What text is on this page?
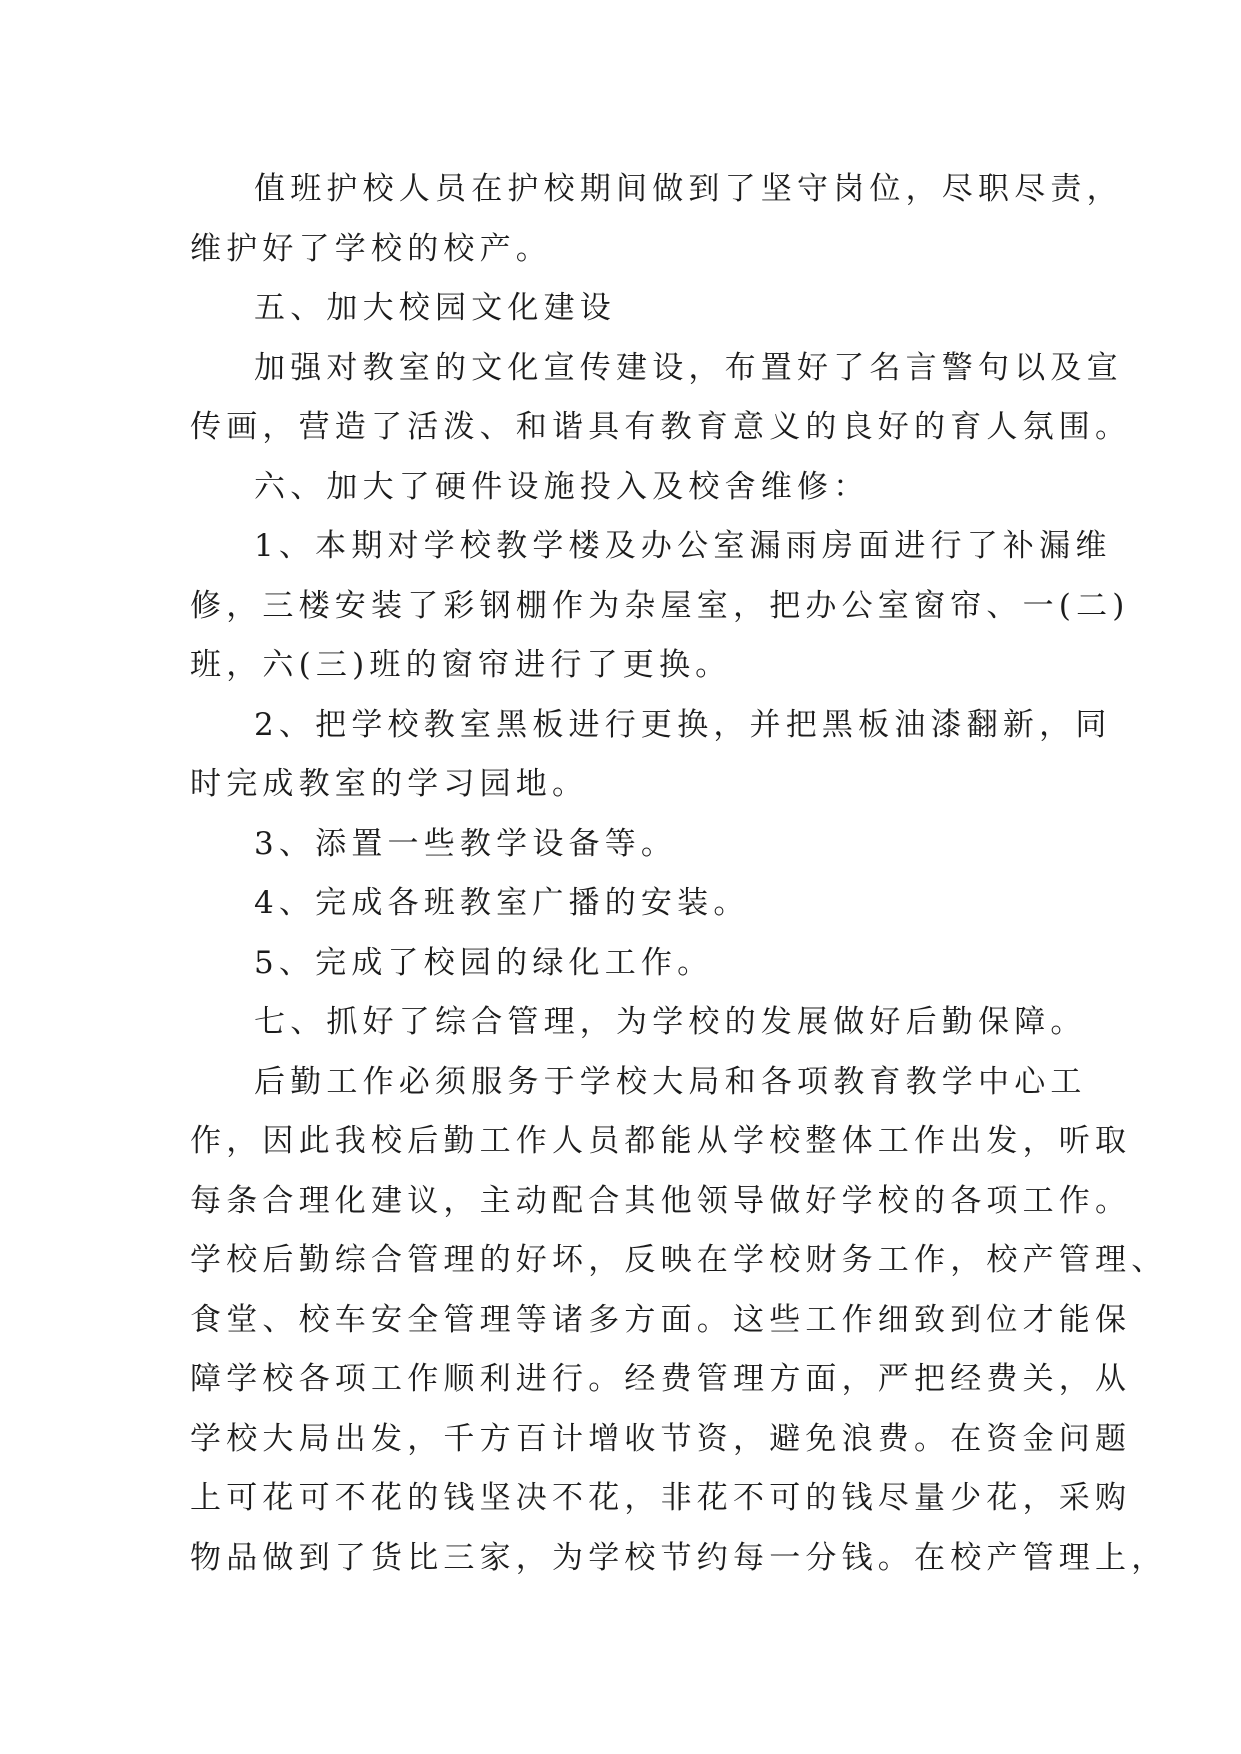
值班护校人员在护校期间做到了坚守岗位，尽职尽责，
维护好了学校的校产。
五、加大校园文化建设
加强对教室的文化宣传建设，布置好了名言警句以及宣
传画，营造了活泼、和谐具有教育意义的良好的育人氛围。
六、加大了硬件设施投入及校舍维修：
1、本期对学校教学楼及办公室漏雨房面进行了补漏维
修，三楼安装了彩钢棚作为杂屋室，把办公室窗帘、一(二)
班，六(三)班的窗帘进行了更换。
2、把学校教室黑板进行更换，并把黑板油漆翻新，同
时完成教室的学习园地。
3、添置一些教学设备等。
4、完成各班教室广播的安装。
5、完成了校园的绿化工作。
七、抓好了综合管理，为学校的发展做好后勤保障。
后勤工作必须服务于学校大局和各项教育教学中心工
作，因此我校后勤工作人员都能从学校整体工作出发，听取
每条合理化建议，主动配合其他领导做好学校的各项工作。
学校后勤综合管理的好坏，反映在学校财务工作，校产管理、
食堂、校车安全管理等诸多方面。这些工作细致到位才能保
障学校各项工作顺利进行。经费管理方面，严把经费关，从
学校大局出发，千方百计增收节资，避免浪费。在资金问题
上可花可不花的钱坚决不花，非花不可的钱尽量少花，采购
物品做到了货比三家，为学校节约每一分钱。在校产管理上，
